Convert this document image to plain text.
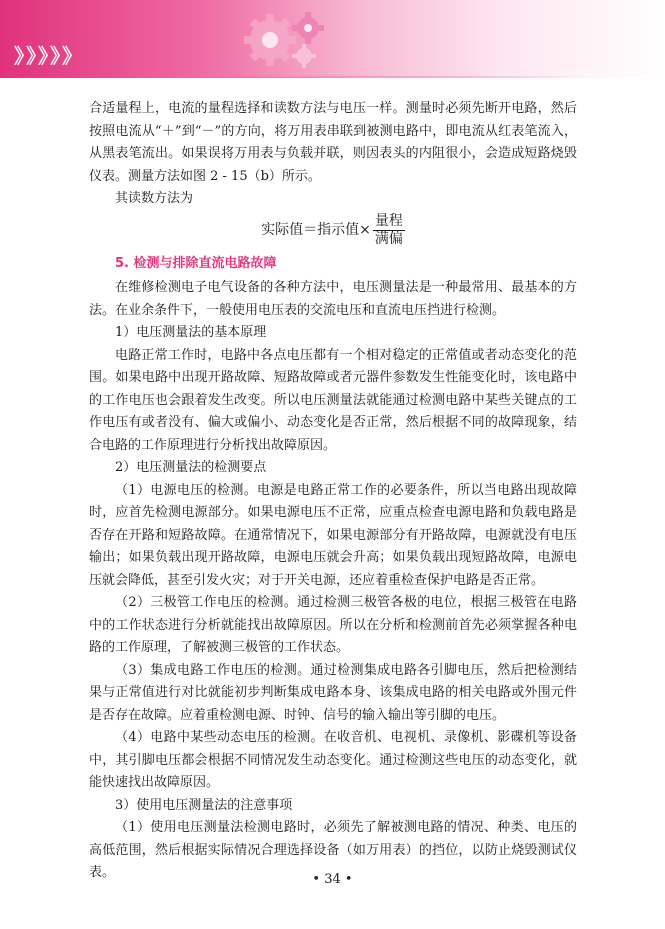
》》》》》

合适量程上，电流的量程选择和读数方法与电压一样。测量时必须先断开电路，然后按照电流从“＋”到“－”的方向，将万用表串联到被测电路中，即电流从红表笔流入，从黑表笔流出。如果误将万用表与负载并联，则因表头的内阻很小，会造成短路烧毁仪表。测量方法如图 2 - 15（b）所示。

其读数方法为

实际值＝指示值× $\frac{\text{量程}}{\text{满偏}}$
5. 检测与排除直流电路故障

在维修检测电子电气设备的各种方法中，电压测量法是一种最常用、最基本的方法。在业余条件下，一般使用电压表的交流电压和直流电压挡进行检测。

1）电压测量法的基本原理

电路正常工作时，电路中各点电压都有一个相对稳定的正常值或者动态变化的范围。如果电路中出现开路故障、短路故障或者元器件参数发生性能变化时，该电路中的工作电压也会跟着发生改变。所以电压测量法就能通过检测电路中某些关键点的工作电压有或者没有、偏大或偏小、动态变化是否正常，然后根据不同的故障现象，结合电路的工作原理进行分析找出故障原因。

2）电压测量法的检测要点

（1）电源电压的检测。电源是电路正常工作的必要条件，所以当电路出现故障时，应首先检测电源部分。如果电源电压不正常，应重点检查电源电路和负载电路是否存在开路和短路故障。在通常情况下，如果电源部分有开路故障，电源就没有电压输出；如果负载出现开路故障，电源电压就会升高；如果负载出现短路故障，电源电压就会降低，甚至引发火灾；对于开关电源，还应着重检查保护电路是否正常。

（2）三极管工作电压的检测。通过检测三极管各极的电位，根据三极管在电路中的工作状态进行分析就能找出故障原因。所以在分析和检测前首先必须掌握各种电路的工作原理，了解被测三极管的工作状态。

（3）集成电路工作电压的检测。通过检测集成电路各引脚电压，然后把检测结果与正常值进行对比就能初步判断集成电路本身、该集成电路的相关电路或外围元件是否存在故障。应着重检测电源、时钟、信号的输入输出等引脚的电压。

（4）电路中某些动态电压的检测。在收音机、电视机、录像机、影碟机等设备中，其引脚电压都会根据不同情况发生动态变化。通过检测这些电压的动态变化，就能快速找出故障原因。

3）使用电压测量法的注意事项

（1）使用电压测量法检测电路时，必须先了解被测电路的情况、种类、电压的高低范围，然后根据实际情况合理选择设备（如万用表）的挡位，以防止烧毁测试仪表。	• 34 •
